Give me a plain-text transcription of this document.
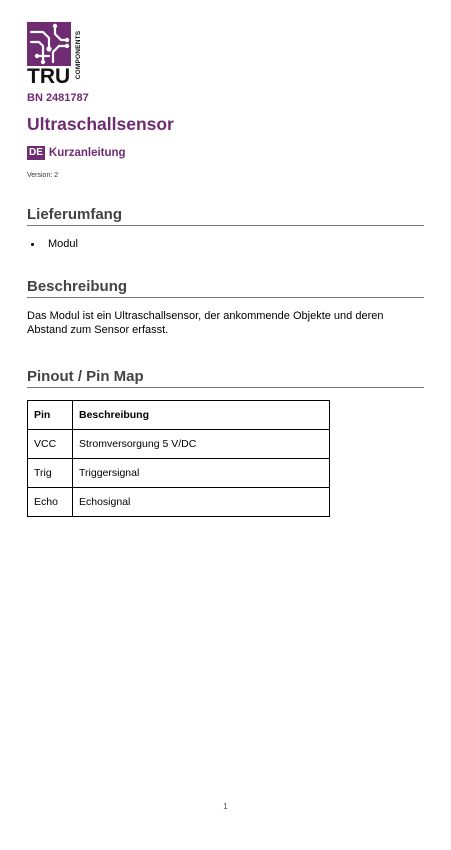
COMPONENTS
TRU
BN 2481787
Ultraschallsensor
DE Kurzanleitung
Version: 2
Lieferumfang
Modul
Beschreibung

Das Modul ist ein Ultraschallsensor, der ankommende Objekte und deren Abstand zum Sensor erfasst.

Pinout / Pin Map
Pin	Beschreibung
VCC	Stromversorgung 5 V/DC
Trig	Triggersignal
Echo	Echosignal
1
